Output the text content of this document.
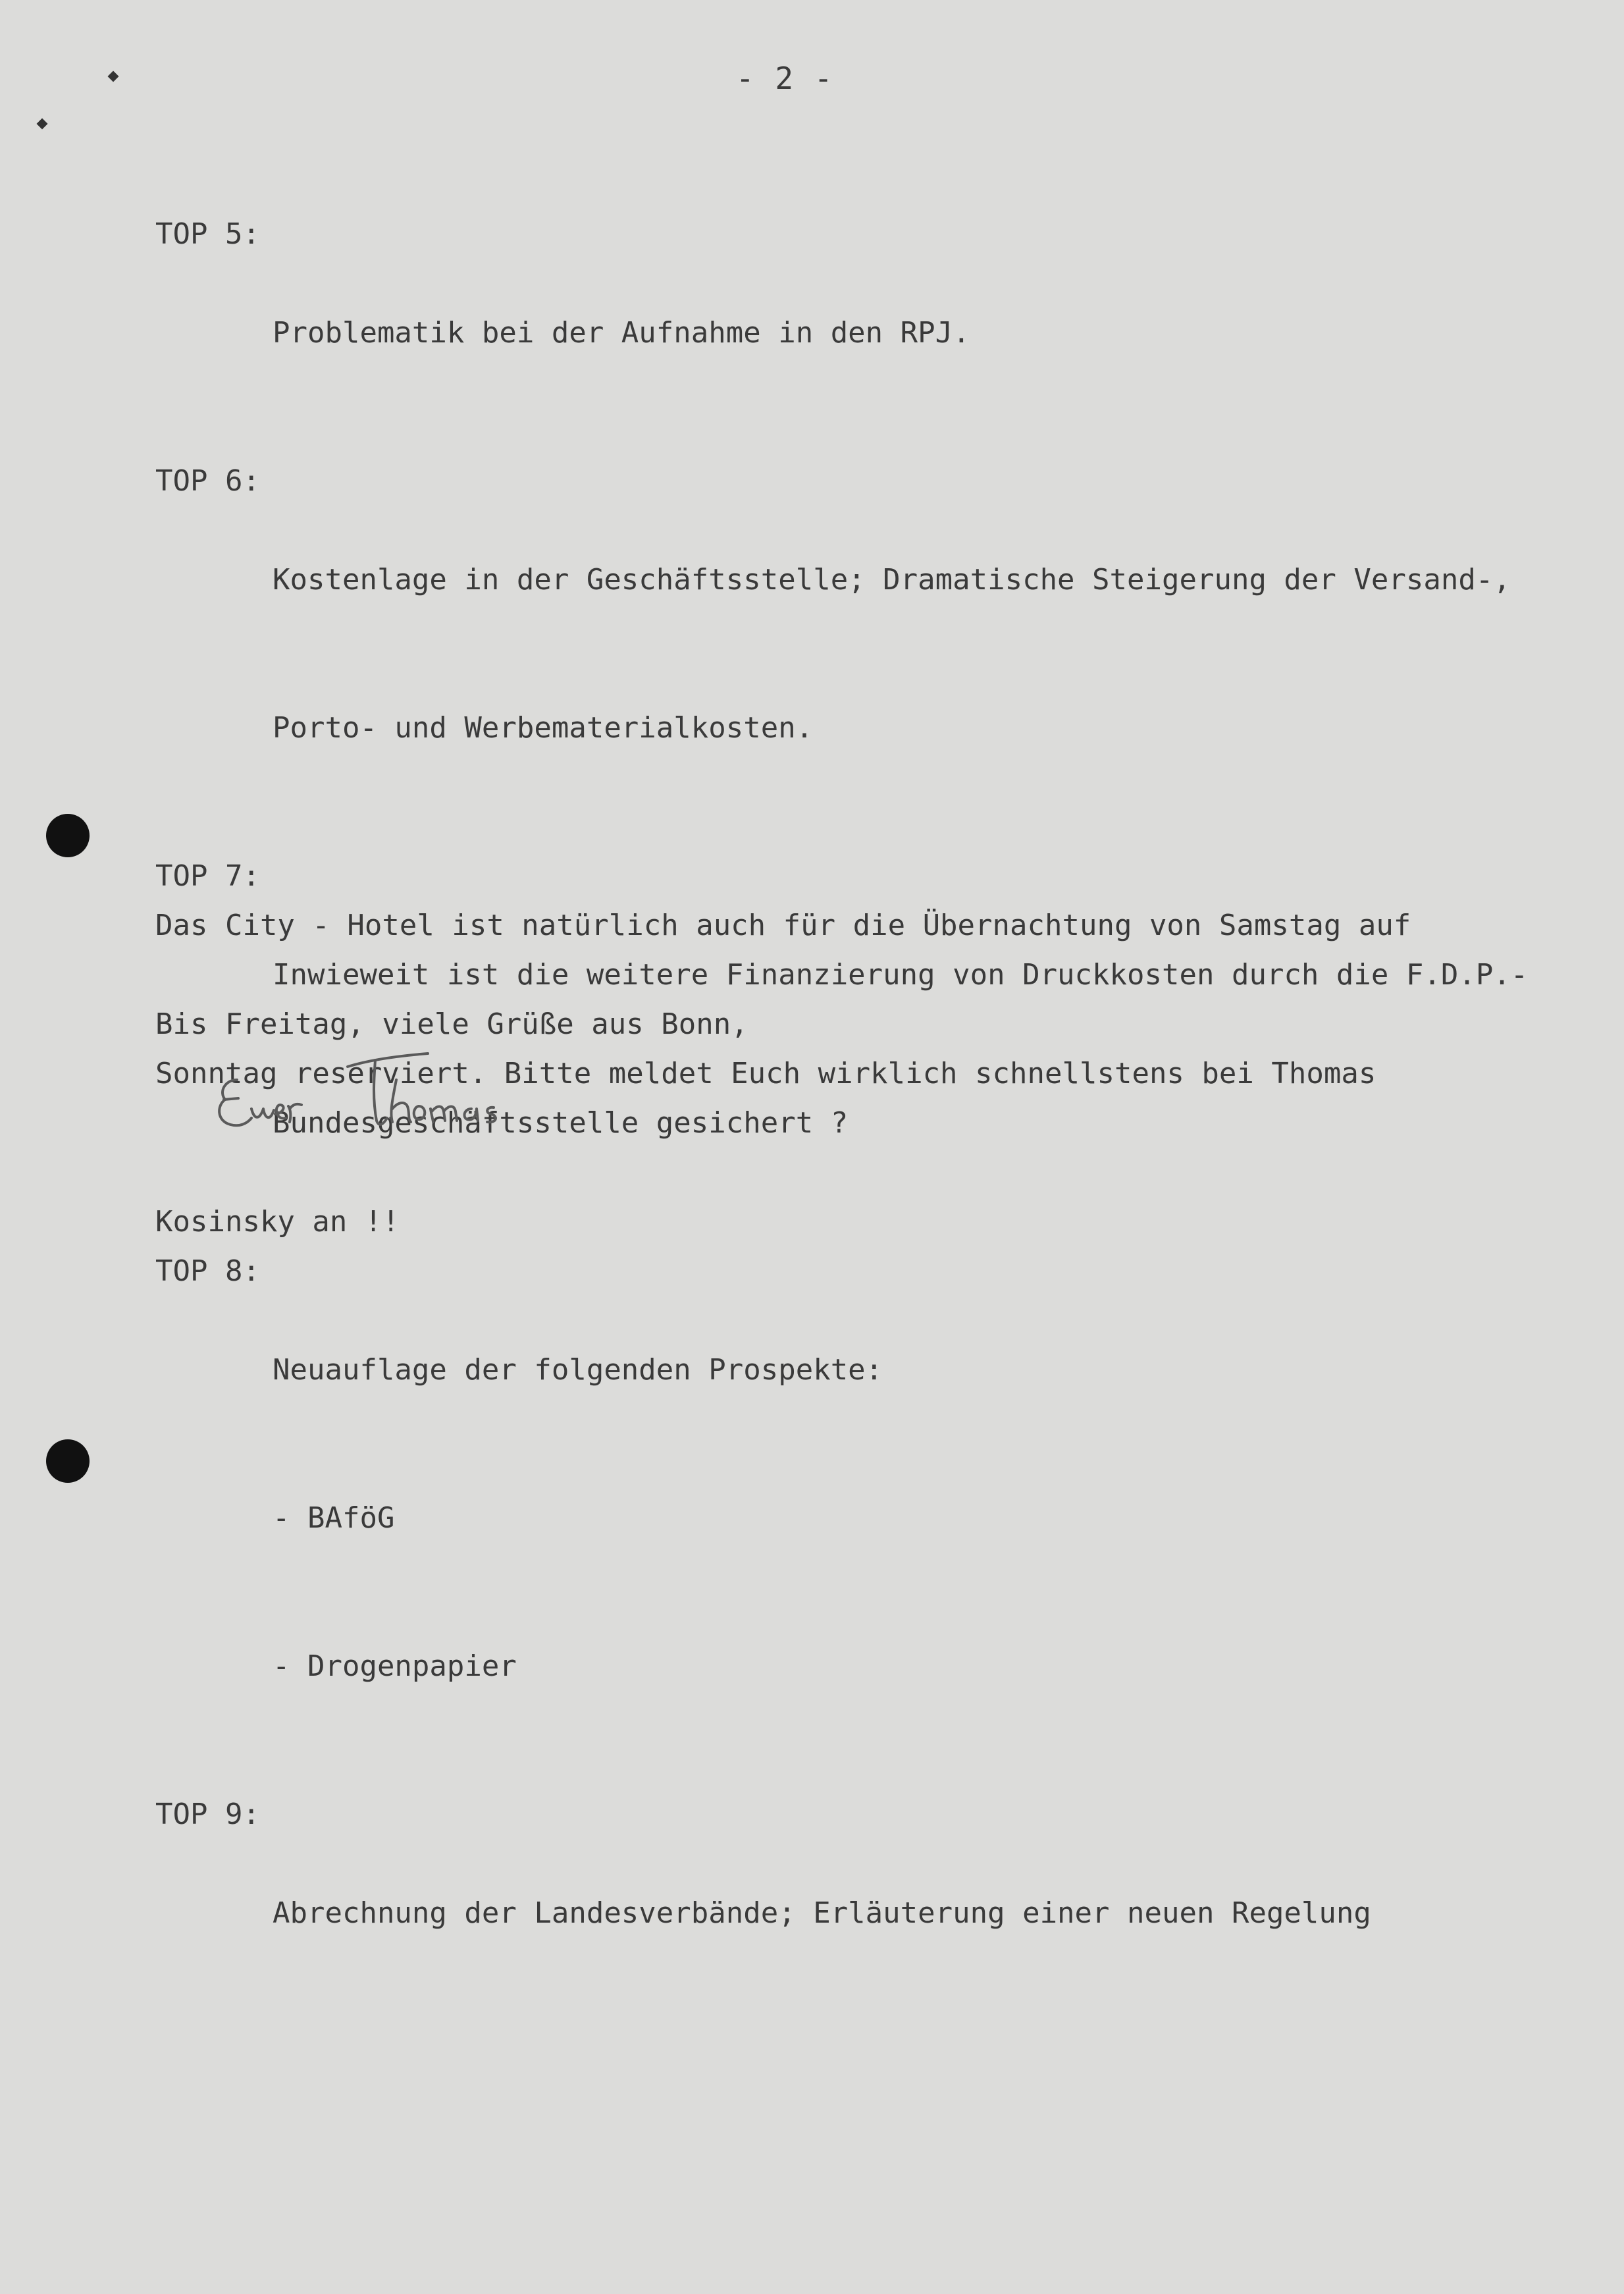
- 2 -
TOP 5:

Problematik bei der Aufnahme in den RPJ.

TOP 6:

Kostenlage in der Geschäftsstelle; Dramatische Steigerung der Versand-,

Porto- und Werbematerialkosten.

TOP 7:

Inwieweit ist die weitere Finanzierung von Druckkosten durch die F.D.P.-

Bundesgeschäftsstelle gesichert ?

TOP 8:

Neuauflage der folgenden Prospekte:

- BAföG

- Drogenpapier

TOP 9:

Abrechnung der Landesverbände; Erläuterung einer neuen Regelung

Das City - Hotel ist natürlich auch für die Übernachtung von Samstag auf

Sonntag reserviert. Bitte meldet Euch wirklich schnellstens bei Thomas

Kosinsky an !!

Bis Freitag, viele Grüße aus Bonn,
